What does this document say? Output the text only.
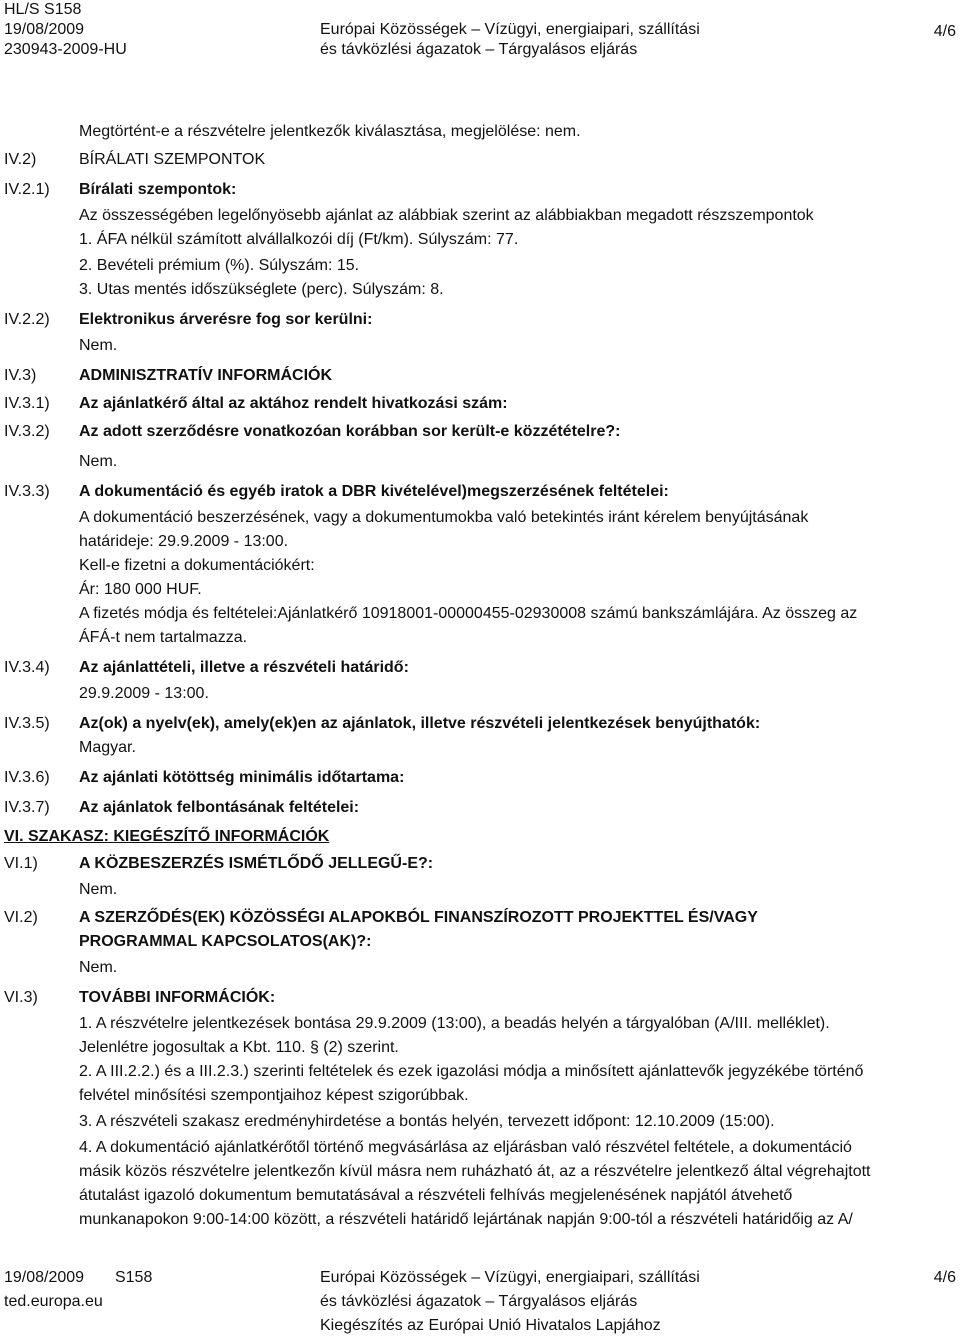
HL/S S158
19/08/2009
230943-2009-HU
Európai Közösségek – Vízügyi, energiaipari, szállítási
és távközlési ágazatok – Tárgyalásos eljárás
4/6
Megtörtént-e a részvételre jelentkezők kiválasztása, megjelölése: nem.
IV.2)	BÍRÁLATI SZEMPONTOK
IV.2.1) Bírálati szempontok:
Az összességében legelőnyösebb ajánlat az alábbiak szerint az alábbiakban megadott részszempontok
1. ÁFA nélkül számított alvállalkozói díj (Ft/km). Súlyszám: 77.
2. Bevételi prémium (%). Súlyszám: 15.
3. Utas mentés időszükséglete (perc). Súlyszám: 8.
IV.2.2) Elektronikus árverésre fog sor kerülni:
Nem.
IV.3)	ADMINISZTRATÍV INFORMÁCIÓK
IV.3.1) Az ajánlatkérő által az aktához rendelt hivatkozási szám:
IV.3.2) Az adott szerződésre vonatkozóan korábban sor került-e közzétételre?:
Nem.
IV.3.3) A dokumentáció és egyéb iratok a DBR kivételével)megszerzésének feltételei:
A dokumentáció beszerzésének, vagy a dokumentumokba való betekintés iránt kérelem benyújtásának
határideje: 29.9.2009 - 13:00.
Kell-e fizetni a dokumentációkért:
Ár: 180 000 HUF.
A fizetés módja és feltételei:Ajánlatkérő 10918001-00000455-02930008 számú bankszámlájára. Az összeg az
ÁFÁ-t nem tartalmazza.
IV.3.4) Az ajánlattételi, illetve a részvételi határidő:
29.9.2009 - 13:00.
IV.3.5) Az(ok) a nyelv(ek), amely(ek)en az ajánlatok, illetve részvételi jelentkezések benyújthatók:
Magyar.
IV.3.6) Az ajánlati kötöttség minimális időtartama:
IV.3.7) Az ajánlatok felbontásának feltételei:
VI. SZAKASZ: KIEGÉSZÍTŐ INFORMÁCIÓK
VI.1)	A KÖZBESZERZÉS ISMÉTLŐDŐ JELLEGŰ-E?:
Nem.
VI.2)	A SZERZŐDÉS(EK) KÖZÖSSÉGI ALAPOKBÓL FINANSZÍROZOTT PROJEKTTEL ÉS/VAGY
PROGRAMMAL KAPCSOLATOS(AK)?:
Nem.
VI.3)	TOVÁBBI INFORMÁCIÓK:
1. A részvételre jelentkezések bontása 29.9.2009 (13:00), a beadás helyén a tárgyalóban (A/III. melléklet).
Jelenlétre jogosultak a Kbt. 110. § (2) szerint.
2. A III.2.2.) és a III.2.3.) szerinti feltételek és ezek igazolási módja a minősített ajánlattevők jegyzékébe történő
felvétel minősítési szempontjaihoz képest szigorúbbak.
3. A részvételi szakasz eredményhirdetése a bontás helyén, tervezett időpont: 12.10.2009 (15:00).
4. A dokumentáció ajánlatkérőtől történő megvásárlása az eljárásban való részvétel feltétele, a dokumentáció
másik közös részvételre jelentkezőn kívül másra nem ruházható át, az a részvételre jelentkező által végrehajtott
átutalást igazoló dokumentum bemutatásával a részvételi felhívás megjelenésének napjától átvehető
munkanapokon 9:00-14:00 között, a részvételi határidő lejártának napján 9:00-tól a részvételi határidőig az A/
19/08/2009 S158
ted.europa.eu
Európai Közösségek – Vízügyi, energiaipari, szállítási
és távközlési ágazatok – Tárgyalásos eljárás
Kiegészítés az Európai Unió Hivatalos Lapjához
4/6
